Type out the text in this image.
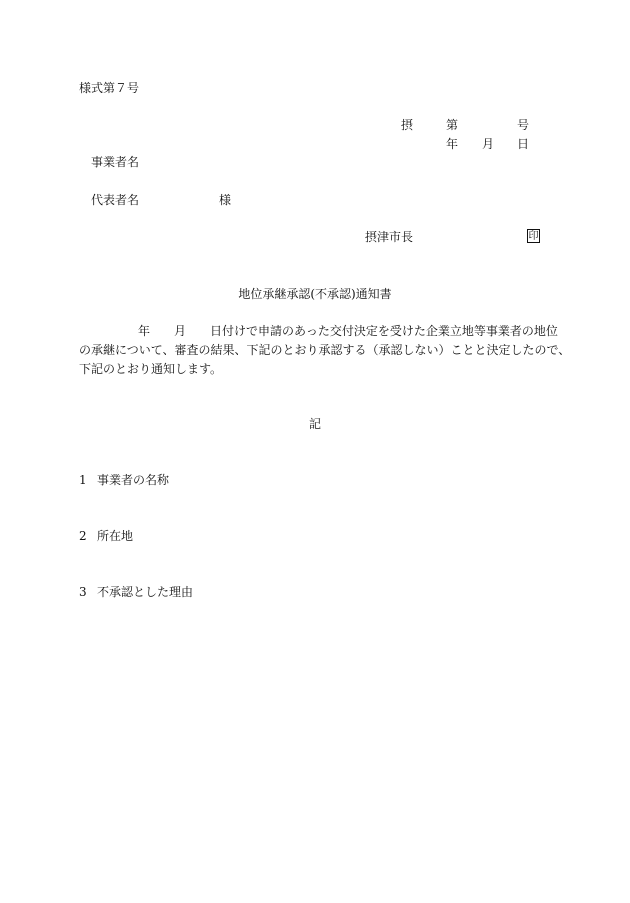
様式第７号
摂	第	号
年 月 日
事業者名
代表者名	様
摂津市長	印
地位承継承認(不承認)通知書
年 月 日付けで申請のあった交付決定を受けた企業立地等事業者の地位
の承継について、審査の結果、下記のとおり承認する（承認しない）ことと決定したので、
下記のとおり通知します。
記
1 事業者の名称
2 所在地
3 不承認とした理由
